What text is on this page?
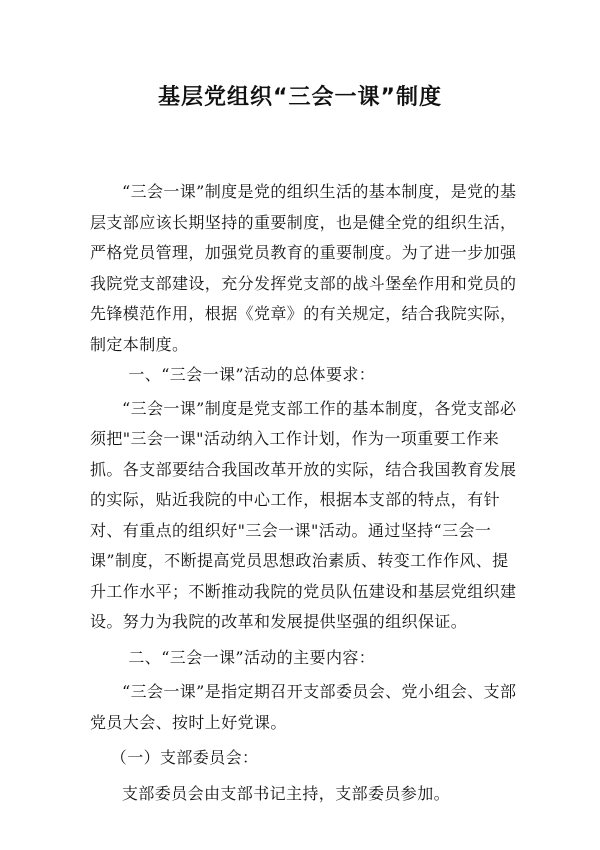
基层党组织“三会一课”制度

“三会一课”制度是党的组织生活的基本制度，是党的基层支部应该长期坚持的重要制度，也是健全党的组织生活，严格党员管理，加强党员教育的重要制度。为了进一步加强我院党支部建设，充分发挥党支部的战斗堡垒作用和党员的先锋模范作用，根据《党章》的有关规定，结合我院实际，制定本制度。

一、“三会一课”活动的总体要求：

“三会一课”制度是党支部工作的基本制度，各党支部必须把"三会一课"活动纳入工作计划，作为一项重要工作来抓。各支部要结合我国改革开放的实际，结合我国教育发展的实际，贴近我院的中心工作，根据本支部的特点，有针对、有重点的组织好"三会一课"活动。通过坚持“三会一课”制度，不断提高党员思想政治素质、转变工作作风、提升工作水平；不断推动我院的党员队伍建设和基层党组织建设。努力为我院的改革和发展提供坚强的组织保证。

二、“三会一课”活动的主要内容：

“三会一课”是指定期召开支部委员会、党小组会、支部党员大会、按时上好党课。

（一）支部委员会：

支部委员会由支部书记主持，支部委员参加。
